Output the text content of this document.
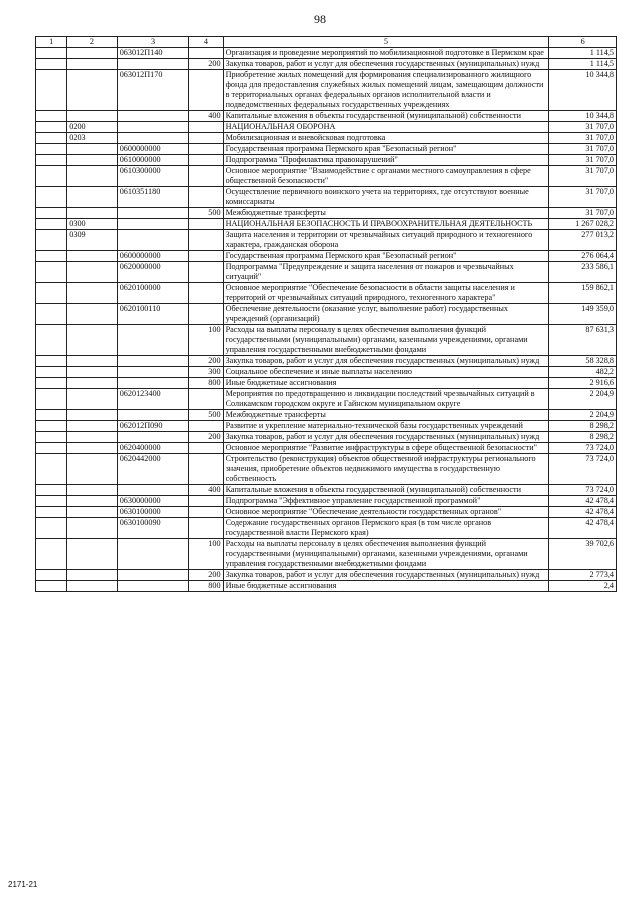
98
1	2	3	4	5	6
		063012П140		Организация и проведение мероприятий по мобилизационной подготовке в Пермском крае	1 114,5
			200	Закупка товаров, работ и услуг для обеспечения государственных (муниципальных) нужд	1 114,5
		063012П170		Приобретение жилых помещений для формирования специализированного жилищного фонда для предоставления служебных жилых помещений лицам, замещающим должности в территориальных органах федеральных органов исполнительной власти и подведомственных федеральных государственных учреждениях	10 344,8
			400	Капитальные вложения в объекты государственной (муниципальной) собственности	10 344,8
	0200			НАЦИОНАЛЬНАЯ ОБОРОНА	31 707,0
	0203			Мобилизационная и вневойсковая подготовка	31 707,0
		0600000000		Государственная программа Пермского края "Безопасный регион"	31 707,0
		0610000000		Подпрограмма "Профилактика правонарушений"	31 707,0
		0610300000		Основное мероприятие "Взаимодействие с органами местного самоуправления в сфере общественной безопасности"	31 707,0
		0610351180		Осуществление первичного воинского учета на территориях, где отсутствуют военные комиссариаты	31 707,0
			500	Межбюджетные трансферты	31 707,0
	0300			НАЦИОНАЛЬНАЯ БЕЗОПАСНОСТЬ И ПРАВООХРАНИТЕЛЬНАЯ ДЕЯТЕЛЬНОСТЬ	1 267 028,2
	0309			Защита населения и территории от чрезвычайных ситуаций природного и техногенного характера, гражданская оборона	277 013,2
		0600000000		Государственная программа Пермского края "Безопасный регион"	276 064,4
		0620000000		Подпрограмма "Предупреждение и защита населения от пожаров и чрезвычайных ситуаций"	233 586,1
		0620100000		Основное мероприятие "Обеспечение безопасности в области защиты населения и территорий от чрезвычайных ситуаций природного, техногенного характера"	159 862,1
		0620100110		Обеспечение деятельности (оказание услуг, выполнение работ) государственных учреждений (организаций)	149 359,0
			100	Расходы на выплаты персоналу в целях обеспечения выполнения функций государственными (муниципальными) органами, казенными учреждениями, органами управления государственными внебюджетными фондами	87 631,3
			200	Закупка товаров, работ и услуг для обеспечения государственных (муниципальных) нужд	58 328,8
			300	Социальное обеспечение и иные выплаты населению	482,2
			800	Иные бюджетные ассигнования	2 916,6
		0620123400		Мероприятия по предотвращению и ликвидации последствий чрезвычайных ситуаций в Соликамском городском округе и Гайнском муниципальном округе	2 204,9
			500	Межбюджетные трансферты	2 204,9
		062012П090		Развитие и укрепление материально-технической базы государственных учреждений	8 298,2
			200	Закупка товаров, работ и услуг для обеспечения государственных (муниципальных) нужд	8 298,2
		0620400000		Основное мероприятие "Развитие инфраструктуры в сфере общественной безопасности"	73 724,0
		0620442000		Строительство (реконструкция) объектов общественной инфраструктуры регионального значения, приобретение объектов недвижимого имущества в государственную собственность	73 724,0
			400	Капитальные вложения в объекты государственной (муниципальной) собственности	73 724,0
		0630000000		Подпрограмма "Эффективное управление государственной программой"	42 478,4
		0630100000		Основное мероприятие "Обеспечение деятельности государственных органов"	42 478,4
		0630100090		Содержание государственных органов Пермского края (в том числе органов государственной власти Пермского края)	42 478,4
			100	Расходы на выплаты персоналу в целях обеспечения выполнения функций государственными (муниципальными) органами, казенными учреждениями, органами управления государственными внебюджетными фондами	39 702,6
			200	Закупка товаров, работ и услуг для обеспечения государственных (муниципальных) нужд	2 773,4
			800	Иные бюджетные ассигнования	2,4
2171-21
